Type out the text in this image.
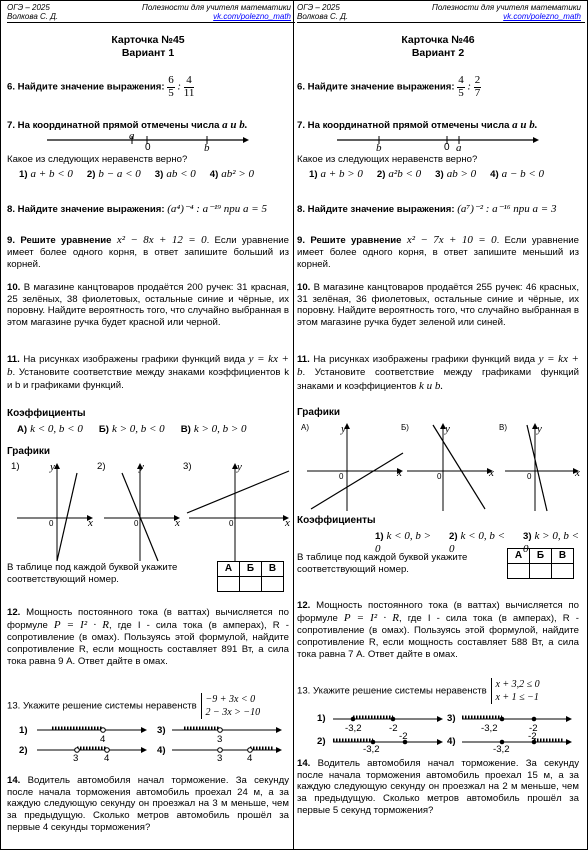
ОГЭ – 2025
Волкова С. Д.
Полезности для учителя математики
vk.com/polezno_math
Карточка №45
Вариант 1
6. Найдите значение выражения: $\frac{6}{5}$ : $\frac{4}{11}$
7. На координатной прямой отмечены числа a и b.
a
0	b
Какое из следующих неравенств верно?
1) a + b < 0 2) b − a < 0 3) ab < 0 4) ab² > 0
8. Найдите значение выражения: (a⁴)⁻⁴ : a⁻¹⁹ при a = 5
9. Решите уравнение x² − 8x + 12 = 0. Если уравнение имеет более одного корня, в ответ запишите больший из корней.
10. В магазине канцтоваров продаётся 200 ручек: 31 красная, 25 зелёных, 38 фиолетовых, остальные синие и чёрные, их поровну. Найдите вероятность того, что случайно выбранная в этом магазине ручка будет красной или черной.
11. На рисунках изображены графики функций вида y = kx + b. Установите соответствие между знаками коэффициентов k и b и графиками функций.
Коэффициенты
А) k < 0, b < 0 Б) k > 0, b < 0 В) k > 0, b > 0
Графики
1)	y
x
0
2)	y
x
0
3)	y
x
0
В таблице под каждой буквой укажите соответствующий номер.
А	Б	В

12. Мощность постоянного тока (в ваттах) вычисляется по формуле P = I² · R, где I - сила тока (в амперах), R - сопротивление (в омах). Пользуясь этой формулой, найдите сопротивление R, если мощность составляет 891 Вт, а сила тока равна 9 А. Ответ дайте в омах.
13. Укажите решение системы неравенств
−9 + 3x < 0
2 − 3x > −10
1)
4
2)
3	4
3)
3
4)
3	4
14. Водитель автомобиля начал торможение. За секунду после начала торможения автомобиль проехал 24 м, а за каждую следующую секунду он проезжал на 3 м меньше, чем за предыдущую. Сколько метров автомобиль прошёл за первые 4 секунды торможения?
ОГЭ – 2025
Волкова С. Д.
Полезности для учителя математики
vk.com/polezno_math
Карточка №46
Вариант 2
6. Найдите значение выражения: $\frac{4}{5}$ : $\frac{2}{7}$
7. На координатной прямой отмечены числа a и b.
b	0 a
Какое из следующих неравенств верно?
1) a + b > 0 2) a²b < 0 3) ab > 0 4) a − b < 0
8. Найдите значение выражения: (a⁷)⁻² : a⁻¹⁶ при a = 3
9. Решите уравнение x² − 7x + 10 = 0. Если уравнение имеет более одного корня, в ответ запишите меньший из корней.
10. В магазине канцтоваров продаётся 255 ручек: 46 красных, 31 зелёная, 36 фиолетовых, остальные синие и чёрные, их поровну. Найдите вероятность того, что случайно выбранная в этом магазине ручка будет зеленой или синей.
11. На рисунках изображены графики функций вида y = kx + b. Установите соответствие между графиками функций знаками и коэффициентов k и b.
Графики
А)	y
x
0
Б)	y
x
0
В)	y
x
0
Коэффициенты
1) k < 0, b > 0
2) k < 0, b < 0
3) k > 0, b < 0
В таблице под каждой буквой укажите соответствующий номер.
А	Б	В

12. Мощность постоянного тока (в ваттах) вычисляется по формуле P = I² · R, где I - сила тока (в амперах), R - сопротивление (в омах). Пользуясь этой формулой, найдите сопротивление R, если мощность составляет 588 Вт, а сила тока равна 7 А. Ответ дайте в омах.
13. Укажите решение системы неравенств
x + 3,2 ≤ 0
x + 1 ≤ −1
1)
-3,2	-2
2)
-3,2
-2
3)
-3,2	-2
4)
-3,2
-2
14. Водитель автомобиля начал торможение. За секунду после начала торможения автомобиль проехал 15 м, а за каждую следующую секунду он проезжал на 2 м меньше, чем за предыдущую. Сколько метров автомобиль прошёл за первые 5 секунд торможения?
